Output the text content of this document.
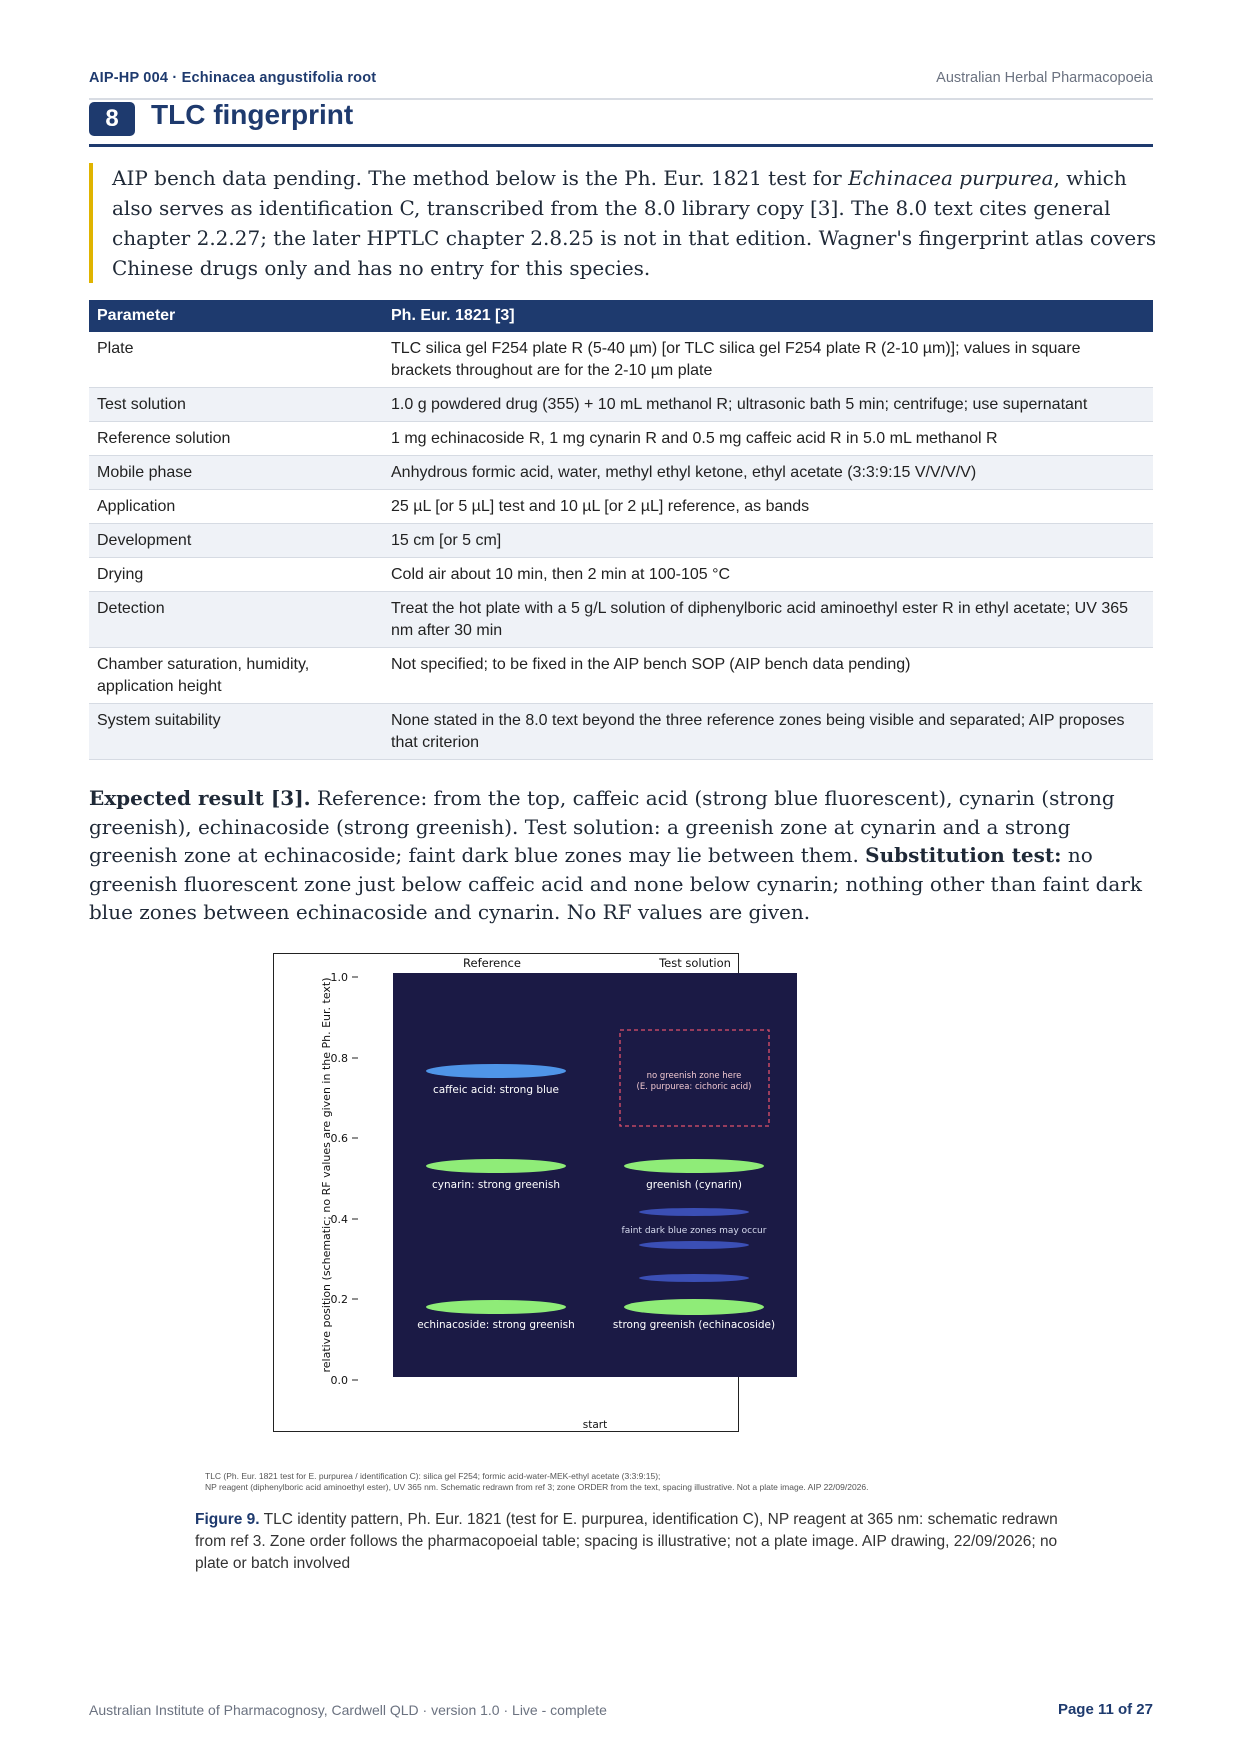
AIP-HP 004 · Echinacea angustifolia root	Australian Herbal Pharmacopoeia
8	TLC fingerprint
AIP bench data pending. The method below is the Ph. Eur. 1821 test for Echinacea purpurea, which also serves as identification C, transcribed from the 8.0 library copy [3]. The 8.0 text cites general chapter 2.2.27; the later HPTLC chapter 2.8.25 is not in that edition. Wagner's fingerprint atlas covers Chinese drugs only and has no entry for this species.
Parameter	Ph. Eur. 1821 [3]
Plate	TLC silica gel F254 plate R (5-40 µm) [or TLC silica gel F254 plate R (2-10 µm)]; values in square brackets throughout are for the 2-10 µm plate
Test solution	1.0 g powdered drug (355) + 10 mL methanol R; ultrasonic bath 5 min; centrifuge; use supernatant
Reference solution	1 mg echinacoside R, 1 mg cynarin R and 0.5 mg caffeic acid R in 5.0 mL methanol R
Mobile phase	Anhydrous formic acid, water, methyl ethyl ketone, ethyl acetate (3:3:9:15 V/V/V/V)
Application	25 µL [or 5 µL] test and 10 µL [or 2 µL] reference, as bands
Development	15 cm [or 5 cm]
Drying	Cold air about 10 min, then 2 min at 100-105 °C
Detection	Treat the hot plate with a 5 g/L solution of diphenylboric acid aminoethyl ester R in ethyl acetate; UV 365 nm after 30 min
Chamber saturation, humidity, application height	Not specified; to be fixed in the AIP bench SOP (AIP bench data pending)
System suitability	None stated in the 8.0 text beyond the three reference zones being visible and separated; AIP proposes that criterion
Expected result [3]. Reference: from the top, caffeic acid (strong blue fluorescent), cynarin (strong greenish), echinacoside (strong greenish). Test solution: a greenish zone at cynarin and a strong greenish zone at echinacoside; faint dark blue zones may lie between them. Substitution test: no greenish fluorescent zone just below caffeic acid and none below cynarin; nothing other than faint dark blue zones between echinacoside and cynarin. No RF values are given.
Reference	Test solution
relative position (schematic; no RF values are given in the Ph. Eur. text)
1.0
0.8
0.6
0.4
0.2
0.0
caffeic acid: strong blue
cynarin: strong greenish
echinacoside: strong greenish
no greenish zone here
(E. purpurea: cichoric acid)
greenish (cynarin)
faint dark blue zones may occur
strong greenish (echinacoside)
start
TLC (Ph. Eur. 1821 test for E. purpurea / identification C): silica gel F254; formic acid-water-MEK-ethyl acetate (3:3:9:15);
NP reagent (diphenylboric acid aminoethyl ester), UV 365 nm. Schematic redrawn from ref 3; zone ORDER from the text, spacing illustrative. Not a plate image. AIP 22/09/2026.
Figure 9. TLC identity pattern, Ph. Eur. 1821 (test for E. purpurea, identification C), NP reagent at 365 nm: schematic redrawn from ref 3. Zone order follows the pharmacopoeial table; spacing is illustrative; not a plate image. AIP drawing, 22/09/2026; no plate or batch involved
Australian Institute of Pharmacognosy, Cardwell QLD · version 1.0 · Live - complete	Page 11 of 27
